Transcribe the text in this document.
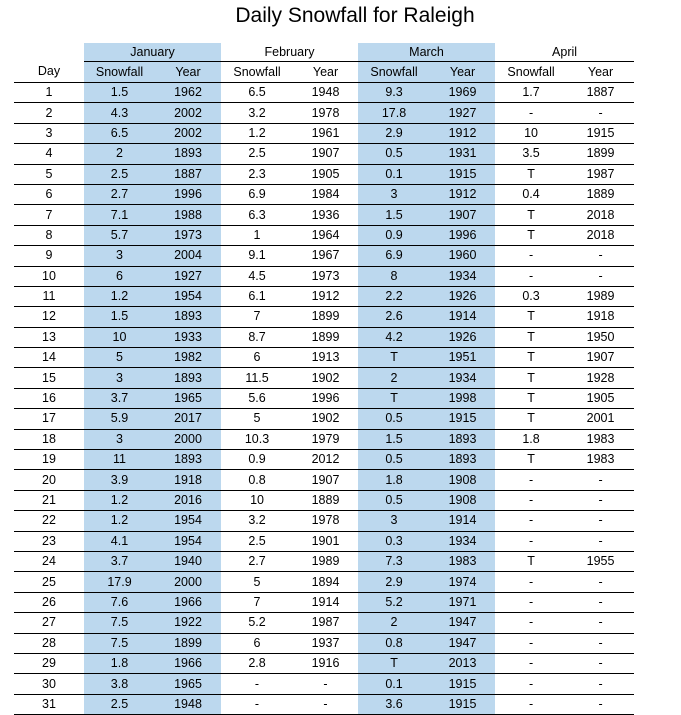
Daily Snowfall for Raleigh
	January		February		March		April	
Day	Snowfall	Year	Snowfall	Year	Snowfall	Year	Snowfall	Year
1	1.5	1962	6.5	1948	9.3	1969	1.7	1887
2	4.3	2002	3.2	1978	17.8	1927	-	-
3	6.5	2002	1.2	1961	2.9	1912	10	1915
4	2	1893	2.5	1907	0.5	1931	3.5	1899
5	2.5	1887	2.3	1905	0.1	1915	T	1987
6	2.7	1996	6.9	1984	3	1912	0.4	1889
7	7.1	1988	6.3	1936	1.5	1907	T	2018
8	5.7	1973	1	1964	0.9	1996	T	2018
9	3	2004	9.1	1967	6.9	1960	-	-
10	6	1927	4.5	1973	8	1934	-	-
11	1.2	1954	6.1	1912	2.2	1926	0.3	1989
12	1.5	1893	7	1899	2.6	1914	T	1918
13	10	1933	8.7	1899	4.2	1926	T	1950
14	5	1982	6	1913	T	1951	T	1907
15	3	1893	11.5	1902	2	1934	T	1928
16	3.7	1965	5.6	1996	T	1998	T	1905
17	5.9	2017	5	1902	0.5	1915	T	2001
18	3	2000	10.3	1979	1.5	1893	1.8	1983
19	11	1893	0.9	2012	0.5	1893	T	1983
20	3.9	1918	0.8	1907	1.8	1908	-	-
21	1.2	2016	10	1889	0.5	1908	-	-
22	1.2	1954	3.2	1978	3	1914	-	-
23	4.1	1954	2.5	1901	0.3	1934	-	-
24	3.7	1940	2.7	1989	7.3	1983	T	1955
25	17.9	2000	5	1894	2.9	1974	-	-
26	7.6	1966	7	1914	5.2	1971	-	-
27	7.5	1922	5.2	1987	2	1947	-	-
28	7.5	1899	6	1937	0.8	1947	-	-
29	1.8	1966	2.8	1916	T	2013	-	-
30	3.8	1965	-	-	0.1	1915	-	-
31	2.5	1948	-	-	3.6	1915	-	-
